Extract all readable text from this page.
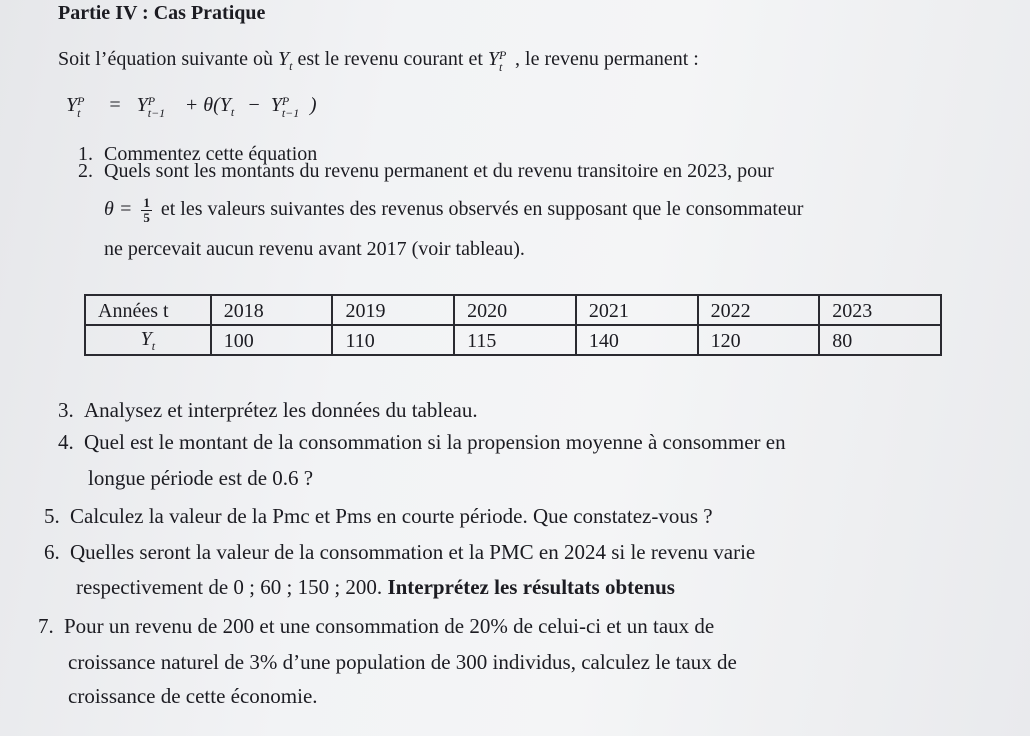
Partie IV : Cas Pratique
Soit l’équation suivante où $Y_t$ est le revenu courant et Y P
t , le revenu permanent :
Y P
t = Y P
$t-1 + \theta(Y_t - Y$ P
t−1 )
1. Commentez cette équation
2. Quels sont les montants du revenu permanent et du revenu transitoire en 2023, pour
$\theta = \frac{1}{5}$ et les valeurs suivantes des revenus observés en supposant que le consommateur
ne percevait aucun revenu avant 2017 (voir tableau).
Années t	2018	2019	2020	2021	2022	2023
$Y_t$	100	110	115	140	120	80
3. Analysez et interprétez les données du tableau.
4. Quel est le montant de la consommation si la propension moyenne à consommer en
longue période est de 0.6 ?
5. Calculez la valeur de la Pmc et Pms en courte période. Que constatez-vous ?
6. Quelles seront la valeur de la consommation et la PMC en 2024 si le revenu varie
respectivement de 0 ; 60 ; 150 ; 200. Interprétez les résultats obtenus
7. Pour un revenu de 200 et une consommation de 20% de celui-ci et un taux de
croissance naturel de 3% d’une population de 300 individus, calculez le taux de
croissance de cette économie.
